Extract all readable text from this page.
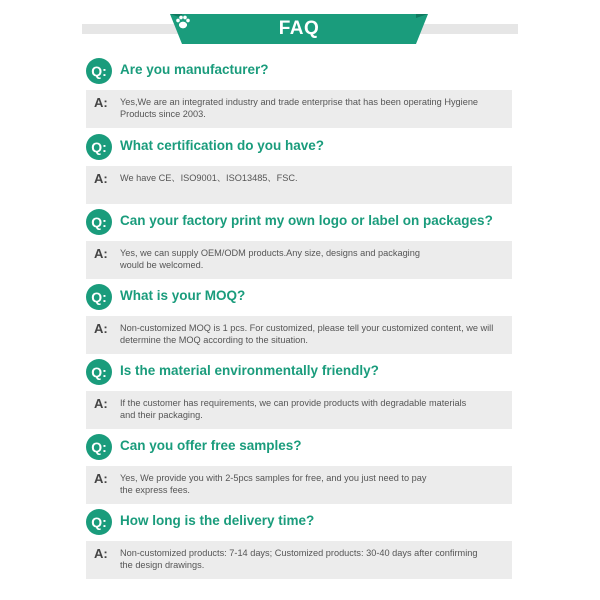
FAQ
Q: Are you manufacturer?
A: Yes,We are an integrated industry and trade enterprise that has been operating Hygiene
Products since 2003.
Q: What certification do you have?
A: We have CE、ISO9001、ISO13485、FSC.
Q: Can your factory print my own logo or label on packages?
A: Yes, we can supply OEM/ODM products.Any size, designs and packaging
would be welcomed.
Q: What is your MOQ?
A: Non-customized MOQ is 1 pcs. For customized, please tell your customized content, we will
determine the MOQ according to the situation.
Q: Is the material environmentally friendly?
A: If the customer has requirements, we can provide products with degradable materials
and their packaging.
Q: Can you offer free samples?
A: Yes, We provide you with 2-5pcs samples for free, and you just need to pay
the express fees.
Q: How long is the delivery time?
A: Non-customized products: 7-14 days; Customized products: 30-40 days after confirming
the design drawings.
